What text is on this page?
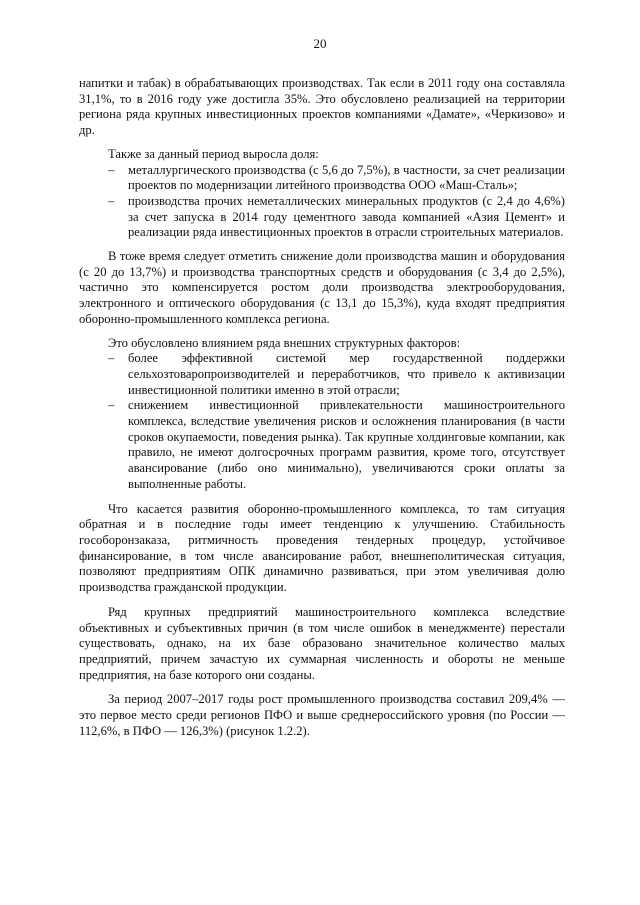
20

напитки и табак) в обрабатывающих производствах. Так если в 2011 году она составляла 31,1%, то в 2016 году уже достигла 35%. Это обусловлено реализацией на территории региона ряда крупных инвестиционных проектов компаниями «Дамате», «Черкизово» и др.

Также за данный период выросла доля:

– металлургического производства (с 5,6 до 7,5%), в частности, за счет реализации проектов по модернизации литейного производства ООО «Маш-Сталь»;
– производства прочих неметаллических минеральных продуктов (с 2,4 до 4,6%) за счет запуска в 2014 году цементного завода компанией «Азия Цемент» и реализации ряда инвестиционных проектов в отрасли строительных материалов.

В тоже время следует отметить снижение доли производства машин и оборудования (с 20 до 13,7%) и производства транспортных средств и оборудования (с 3,4 до 2,5%), частично это компенсируется ростом доли производства электрооборудования, электронного и оптического оборудования (с 13,1 до 15,3%), куда входят предприятия оборонно-промышленного комплекса региона.

Это обусловлено влиянием ряда внешних структурных факторов:

– более эффективной системой мер государственной поддержки сельхозтоваропроизводителей и переработчиков, что привело к активизации инвестиционной политики именно в этой отрасли;
– снижением инвестиционной привлекательности машиностроительного комплекса, вследствие увеличения рисков и осложнения планирования (в части сроков окупаемости, поведения рынка). Так крупные холдинговые компании, как правило, не имеют долгосрочных программ развития, кроме того, отсутствует авансирование (либо оно минимально), увеличиваются сроки оплаты за выполненные работы.

Что касается развития оборонно-промышленного комплекса, то там ситуация обратная и в последние годы имеет тенденцию к улучшению. Стабильность гособоронзаказа, ритмичность проведения тендерных процедур, устойчивое финансирование, в том числе авансирование работ, внешнеполитическая ситуация, позволяют предприятиям ОПК динамично развиваться, при этом увеличивая долю производства гражданской продукции.

Ряд крупных предприятий машиностроительного комплекса вследствие объективных и субъективных причин (в том числе ошибок в менеджменте) перестали существовать, однако, на их базе образовано значительное количество малых предприятий, причем зачастую их суммарная численность и обороты не меньше предприятия, на базе которого они созданы.

За период 2007–2017 годы рост промышленного производства составил 209,4% — это первое место среди регионов ПФО и выше среднероссийского уровня (по России — 112,6%, в ПФО — 126,3%) (рисунок 1.2.2).
